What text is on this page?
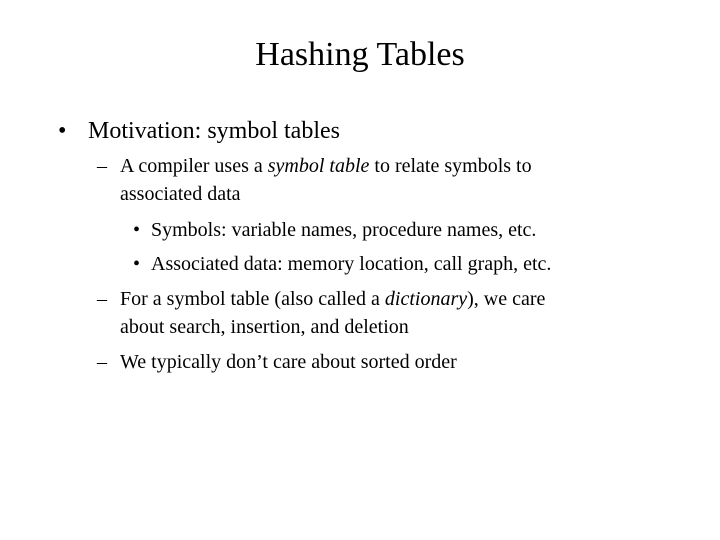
Hashing Tables
• Motivation: symbol tables
– A compiler uses a symbol table to relate symbols to
associated data
• Symbols: variable names, procedure names, etc.
• Associated data: memory location, call graph, etc.
– For a symbol table (also called a dictionary), we care
about search, insertion, and deletion
– We typically don’t care about sorted order
